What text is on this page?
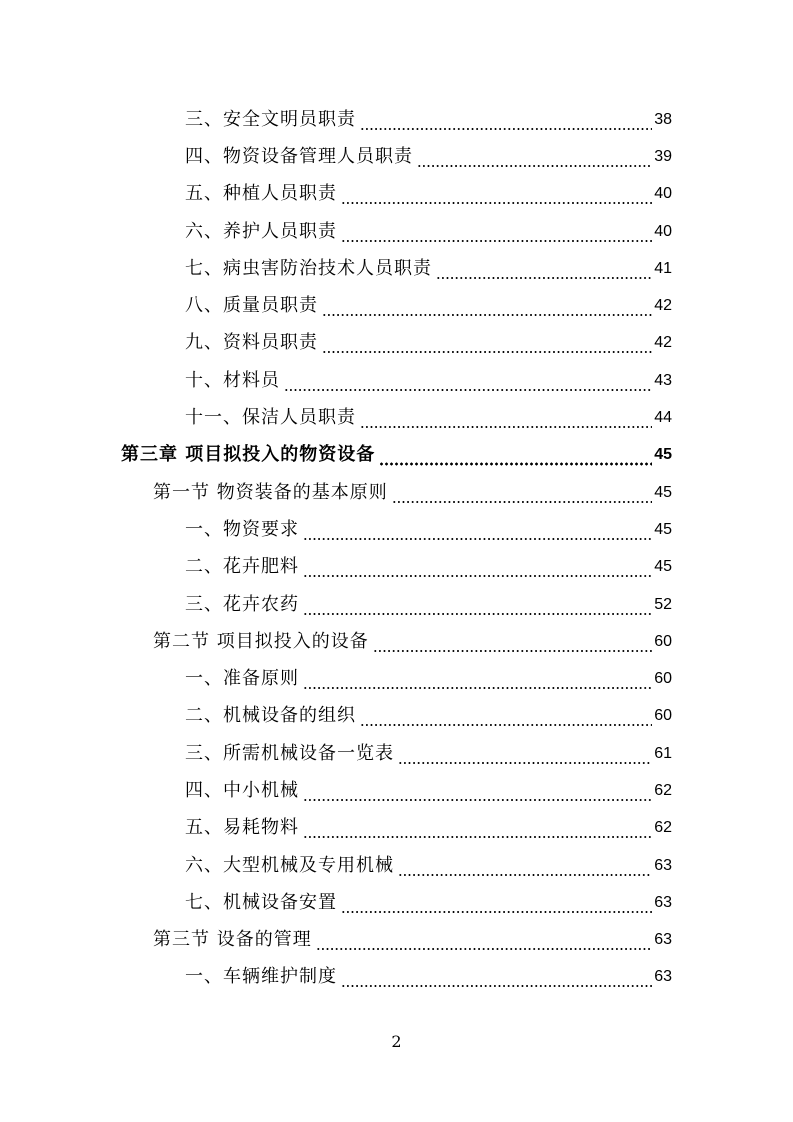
三、安全文明员职责	38
四、物资设备管理人员职责	39
五、种植人员职责	40
六、养护人员职责	40
七、病虫害防治技术人员职责	41
八、质量员职责	42
九、资料员职责	42
十、材料员	43
十一、保洁人员职责	44
第三章 项目拟投入的物资设备	45
第一节 物资装备的基本原则	45
一、物资要求	45
二、花卉肥料	45
三、花卉农药	52
第二节 项目拟投入的设备	60
一、准备原则	60
二、机械设备的组织	60
三、所需机械设备一览表	61
四、中小机械	62
五、易耗物料	62
六、大型机械及专用机械	63
七、机械设备安置	63
第三节 设备的管理	63
一、车辆维护制度	63
2
